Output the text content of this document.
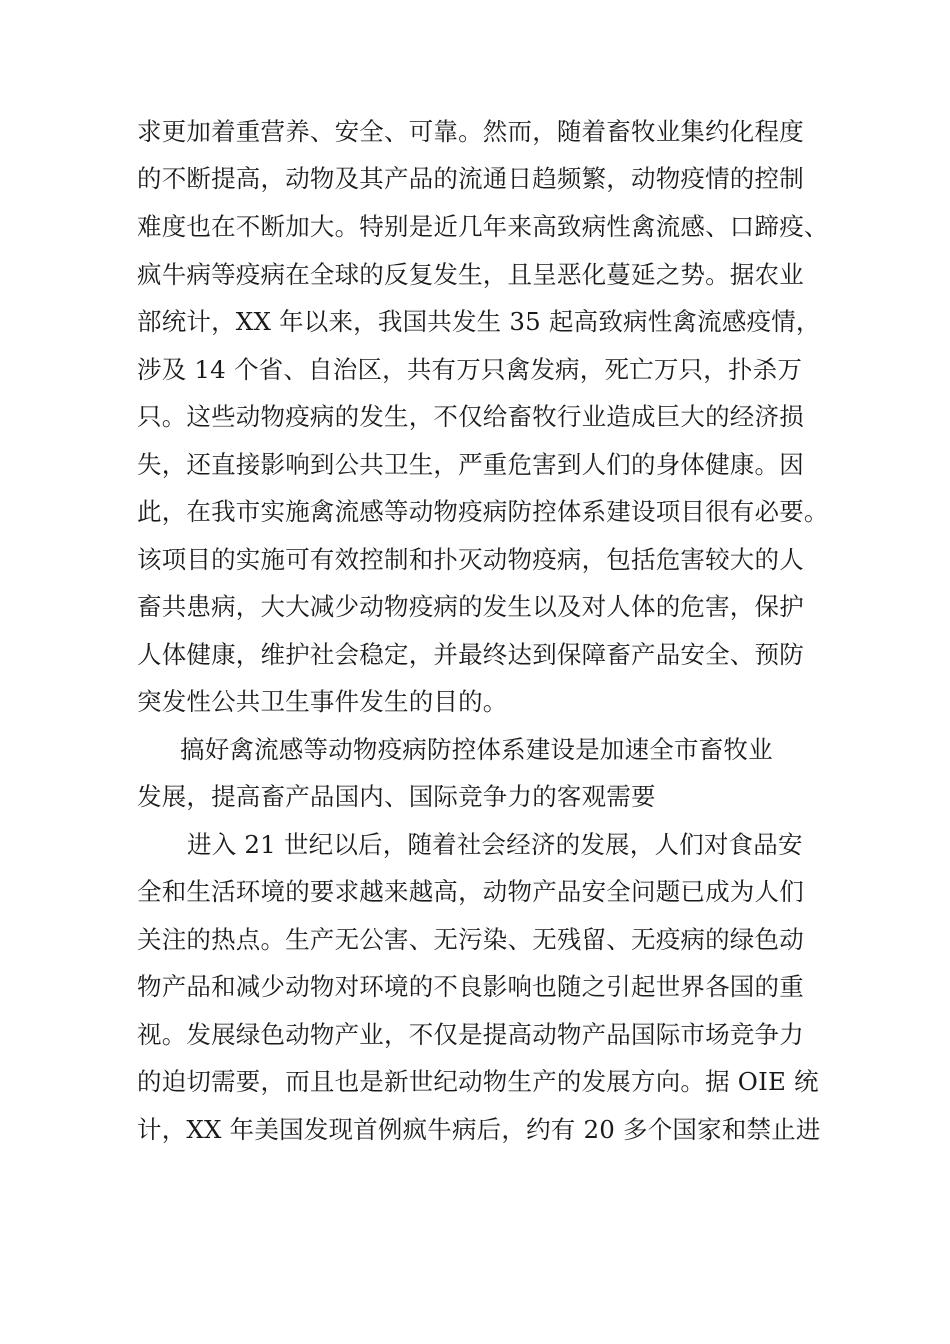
求更加着重营养、安全、可靠。然而，随着畜牧业集约化程度
的不断提高，动物及其产品的流通日趋频繁，动物疫情的控制
难度也在不断加大。特别是近几年来高致病性禽流感、口蹄疫、
疯牛病等疫病在全球的反复发生，且呈恶化蔓延之势。据农业
部统计，XX 年以来，我国共发生 35 起高致病性禽流感疫情，
涉及 14 个省、自治区，共有万只禽发病，死亡万只，扑杀万
只。这些动物疫病的发生，不仅给畜牧行业造成巨大的经济损
失，还直接影响到公共卫生，严重危害到人们的身体健康。因
此，在我市实施禽流感等动物疫病防控体系建设项目很有必要。
该项目的实施可有效控制和扑灭动物疫病，包括危害较大的人
畜共患病，大大减少动物疫病的发生以及对人体的危害，保护
人体健康，维护社会稳定，并最终达到保障畜产品安全、预防
突发性公共卫生事件发生的目的。
搞好禽流感等动物疫病防控体系建设是加速全市畜牧业
发展，提高畜产品国内、国际竞争力的客观需要
进入 21 世纪以后，随着社会经济的发展，人们对食品安
全和生活环境的要求越来越高，动物产品安全问题已成为人们
关注的热点。生产无公害、无污染、无残留、无疫病的绿色动
物产品和减少动物对环境的不良影响也随之引起世界各国的重
视。发展绿色动物产业，不仅是提高动物产品国际市场竞争力
的迫切需要，而且也是新世纪动物生产的发展方向。据 OIE 统
计，XX 年美国发现首例疯牛病后，约有 20 多个国家和禁止进
